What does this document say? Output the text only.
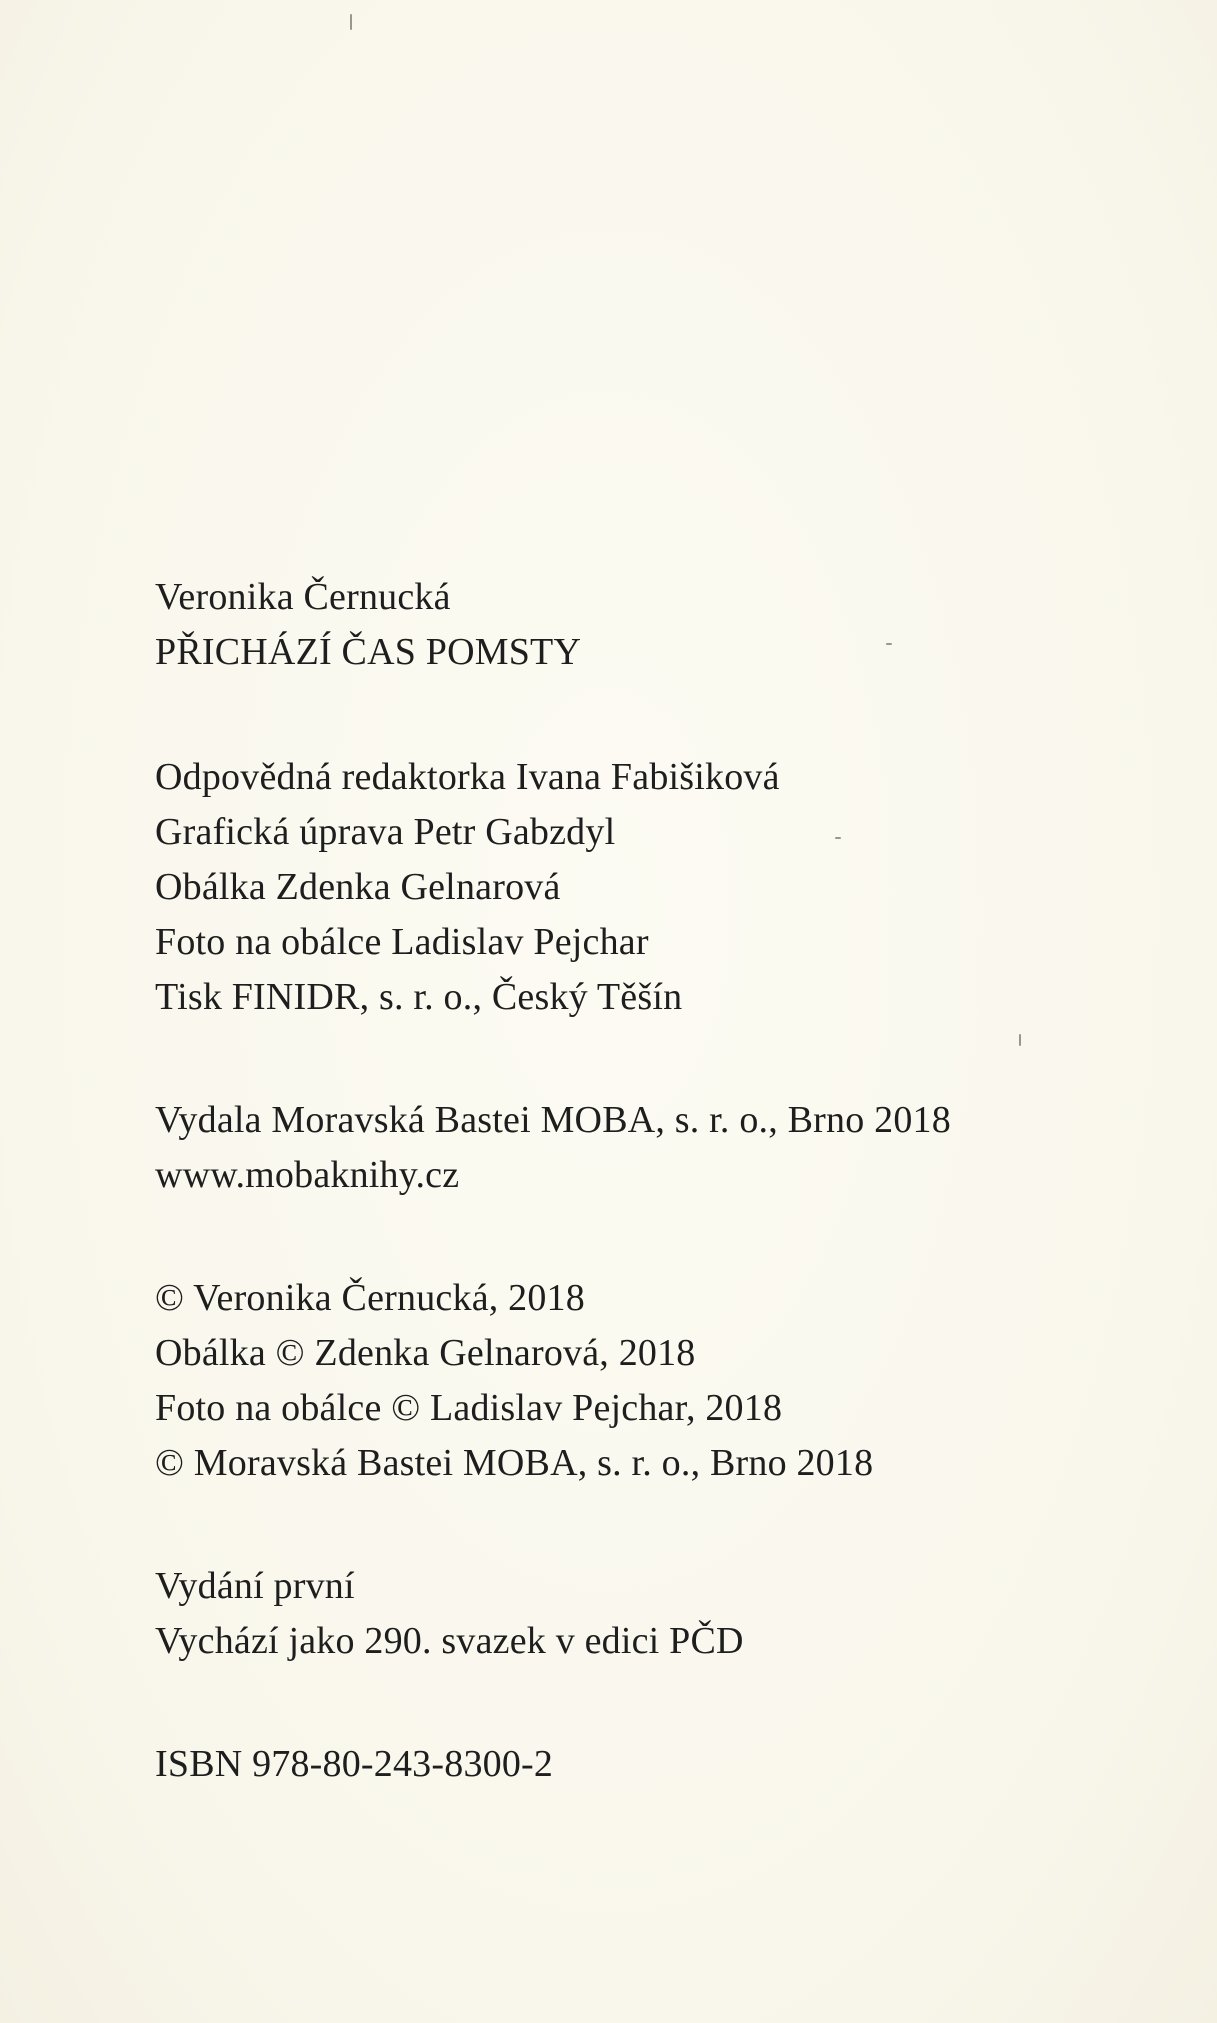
Veronika Černucká
PŘICHÁZÍ ČAS POMSTY
Odpovědná redaktorka Ivana Fabišiková
Grafická úprava Petr Gabzdyl
Obálka Zdenka Gelnarová
Foto na obálce Ladislav Pejchar
Tisk FINIDR, s. r. o., Český Těšín
Vydala Moravská Bastei MOBA, s. r. o., Brno 2018
www.mobaknihy.cz
© Veronika Černucká, 2018
Obálka © Zdenka Gelnarová, 2018
Foto na obálce © Ladislav Pejchar, 2018
© Moravská Bastei MOBA, s. r. o., Brno 2018
Vydání první
Vychází jako 290. svazek v edici PČD
ISBN 978-80-243-8300-2
